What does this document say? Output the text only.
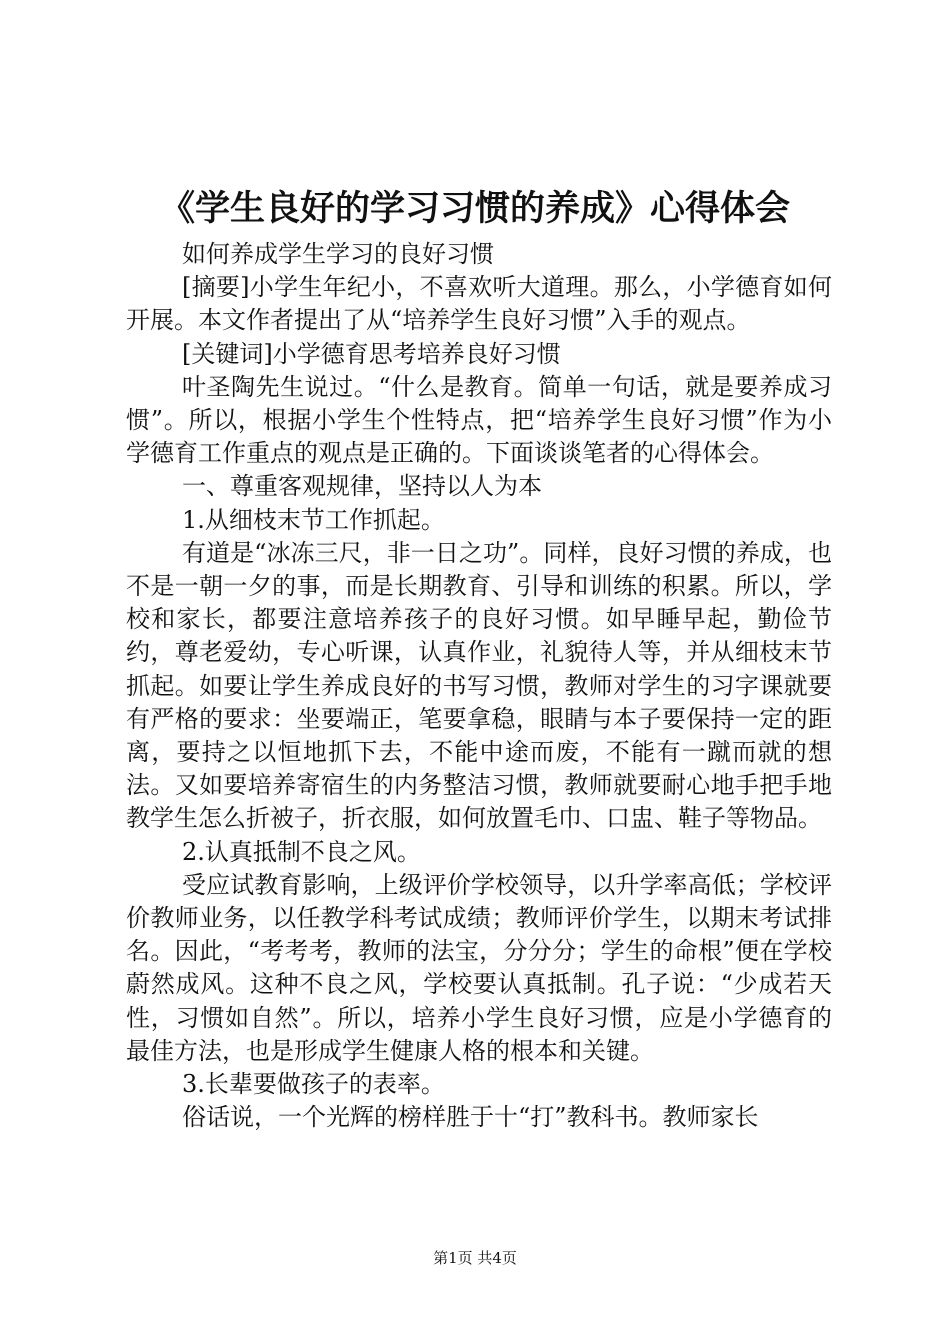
《学生良好的学习习惯的养成》心得体会

如何养成学生学习的良好习惯

[摘要]小学生年纪小，不喜欢听大道理。那么，小学德育如何开展。本文作者提出了从“培养学生良好习惯”入手的观点。

[关键词]小学德育思考培养良好习惯

叶圣陶先生说过。“什么是教育。简单一句话，就是要养成习惯”。所以，根据小学生个性特点，把“培养学生良好习惯”作为小学德育工作重点的观点是正确的。下面谈谈笔者的心得体会。

一、尊重客观规律，坚持以人为本

1.从细枝末节工作抓起。

有道是“冰冻三尺，非一日之功”。同样，良好习惯的养成，也不是一朝一夕的事，而是长期教育、引导和训练的积累。所以，学校和家长，都要注意培养孩子的良好习惯。如早睡早起，勤俭节约，尊老爱幼，专心听课，认真作业，礼貌待人等，并从细枝末节抓起。如要让学生养成良好的书写习惯，教师对学生的习字课就要有严格的要求：坐要端正，笔要拿稳，眼睛与本子要保持一定的距离，要持之以恒地抓下去，不能中途而废，不能有一蹴而就的想法。又如要培养寄宿生的内务整洁习惯，教师就要耐心地手把手地教学生怎么折被子，折衣服，如何放置毛巾、口盅、鞋子等物品。

2.认真抵制不良之风。

受应试教育影响，上级评价学校领导，以升学率高低；学校评价教师业务，以任教学科考试成绩；教师评价学生，以期末考试排名。因此，“考考考，教师的法宝，分分分；学生的命根”便在学校蔚然成风。这种不良之风，学校要认真抵制。孔子说：“少成若天性，习惯如自然”。所以，培养小学生良好习惯，应是小学德育的最佳方法，也是形成学生健康人格的根本和关键。

3.长辈要做孩子的表率。

俗话说，一个光辉的榜样胜于十“打”教科书。教师家长

第1页 共4页
